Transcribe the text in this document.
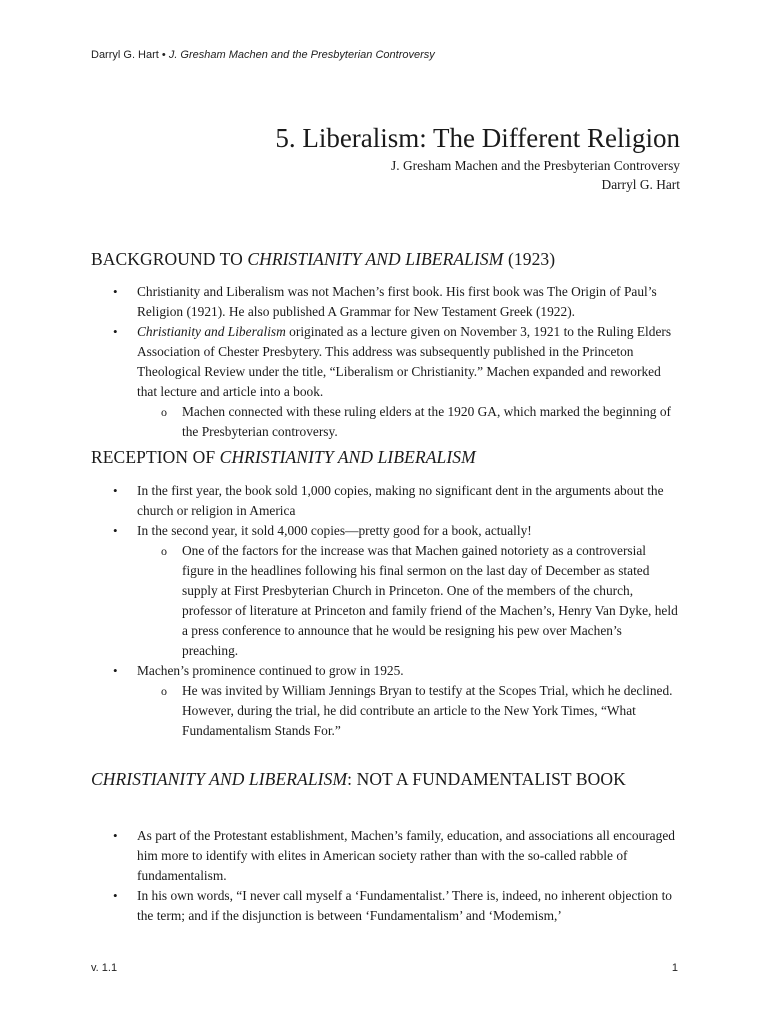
Darryl G. Hart • J. Gresham Machen and the Presbyterian Controversy
5. Liberalism: The Different Religion
J. Gresham Machen and the Presbyterian Controversy
Darryl G. Hart
BACKGROUND TO CHRISTIANITY AND LIBERALISM (1923)
• Christianity and Liberalism was not Machen’s first book. His first book was The Origin of Paul’s Religion (1921). He also published A Grammar for New Testament Greek (1922).
• Christianity and Liberalism originated as a lecture given on November 3, 1921 to the Ruling Elders Association of Chester Presbytery. This address was subsequently published in the Princeton Theological Review under the title, “Liberalism or Christianity.” Machen expanded and reworked that lecture and article into a book.
o Machen connected with these ruling elders at the 1920 GA, which marked the beginning of the Presbyterian controversy.
RECEPTION OF CHRISTIANITY AND LIBERALISM
• In the first year, the book sold 1,000 copies, making no significant dent in the arguments about the church or religion in America
• In the second year, it sold 4,000 copies—pretty good for a book, actually!
o One of the factors for the increase was that Machen gained notoriety as a controversial figure in the headlines following his final sermon on the last day of December as stated supply at First Presbyterian Church in Princeton. One of the members of the church, professor of literature at Princeton and family friend of the Machen’s, Henry Van Dyke, held a press conference to announce that he would be resigning his pew over Machen’s preaching.
• Machen’s prominence continued to grow in 1925.
o He was invited by William Jennings Bryan to testify at the Scopes Trial, which he declined. However, during the trial, he did contribute an article to the New York Times, “What Fundamentalism Stands For.”
CHRISTIANITY AND LIBERALISM: NOT A FUNDAMENTALIST BOOK
• As part of the Protestant establishment, Machen’s family, education, and associations all encouraged him more to identify with elites in American society rather than with the so-called rabble of fundamentalism.
• In his own words, “I never call myself a ‘Fundamentalist.’ There is, indeed, no inherent objection to the term; and if the disjunction is between ‘Fundamentalism’ and ‘Modemism,’
v. 1.1	1
